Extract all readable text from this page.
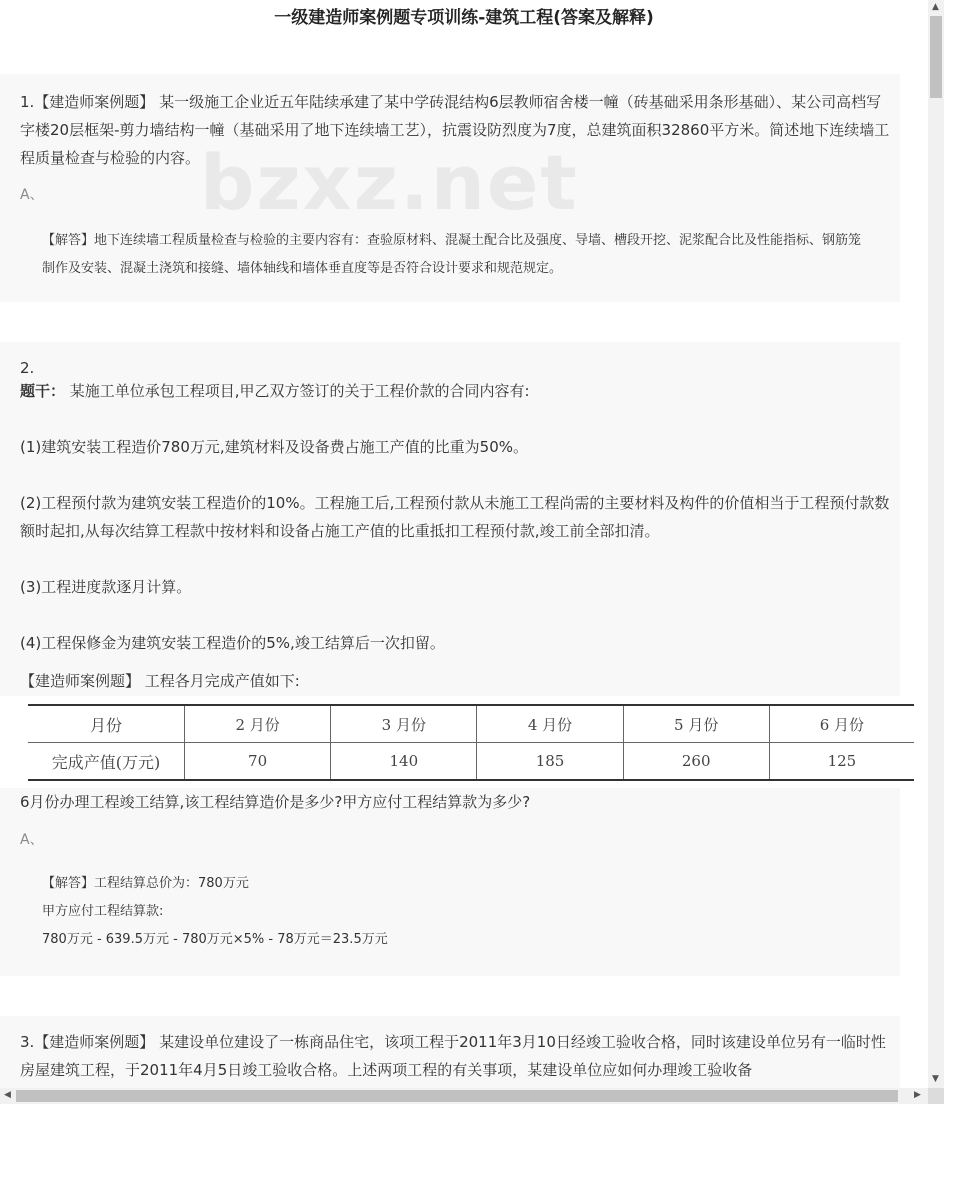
一级建造师案例题专项训练-建筑工程(答案及解释)

1.【建造师案例题】 某一级施工企业近五年陆续承建了某中学砖混结构6层教师宿舍楼一幢（砖基础采用条形基础）、某公司高档写字楼20层框架-剪力墙结构一幢（基础采用了地下连续墙工艺），抗震设防烈度为7度，总建筑面积32860平方米。简述地下连续墙工程质量检查与检验的内容。

A、

【解答】地下连续墙工程质量检查与检验的主要内容有：查验原材料、混凝土配合比及强度、导墙、槽段开挖、泥浆配合比及性能指标、钢筋笼制作及安装、混凝土浇筑和接缝、墙体轴线和墙体垂直度等是否符合设计要求和规范规定。

bzxz.net
2.
题干： 某施工单位承包工程项目,甲乙双方签订的关于工程价款的合同内容有:
(1)建筑安装工程造价780万元,建筑材料及设备费占施工产值的比重为50%。
(2)工程预付款为建筑安装工程造价的10%。工程施工后,工程预付款从未施工工程尚需的主要材料及构件的价值相当于工程预付款数额时起扣,从每次结算工程款中按材料和设备占施工产值的比重抵扣工程预付款,竣工前全部扣清。
(3)工程进度款逐月计算。
(4)工程保修金为建筑安装工程造价的5%,竣工结算后一次扣留。
【建造师案例题】 工程各月完成产值如下:
月份	2 月份	3 月份	4 月份	5 月份	6 月份
完成产值(万元)	70	140	185	260	125
6月份办理工程竣工结算,该工程结算造价是多少?甲方应付工程结算款为多少?
A、
【解答】工程结算总价为：780万元
甲方应付工程结算款:
780万元 - 639.5万元 - 780万元×5% - 78万元＝23.5万元

3.【建造师案例题】 某建设单位建设了一栋商品住宅，该项工程于2011年3月10日经竣工验收合格，同时该建设单位另有一临时性房屋建筑工程，于2011年4月5日竣工验收合格。上述两项工程的有关事项，某建设单位应如何办理竣工验收备

▲
▼
◀	▶
